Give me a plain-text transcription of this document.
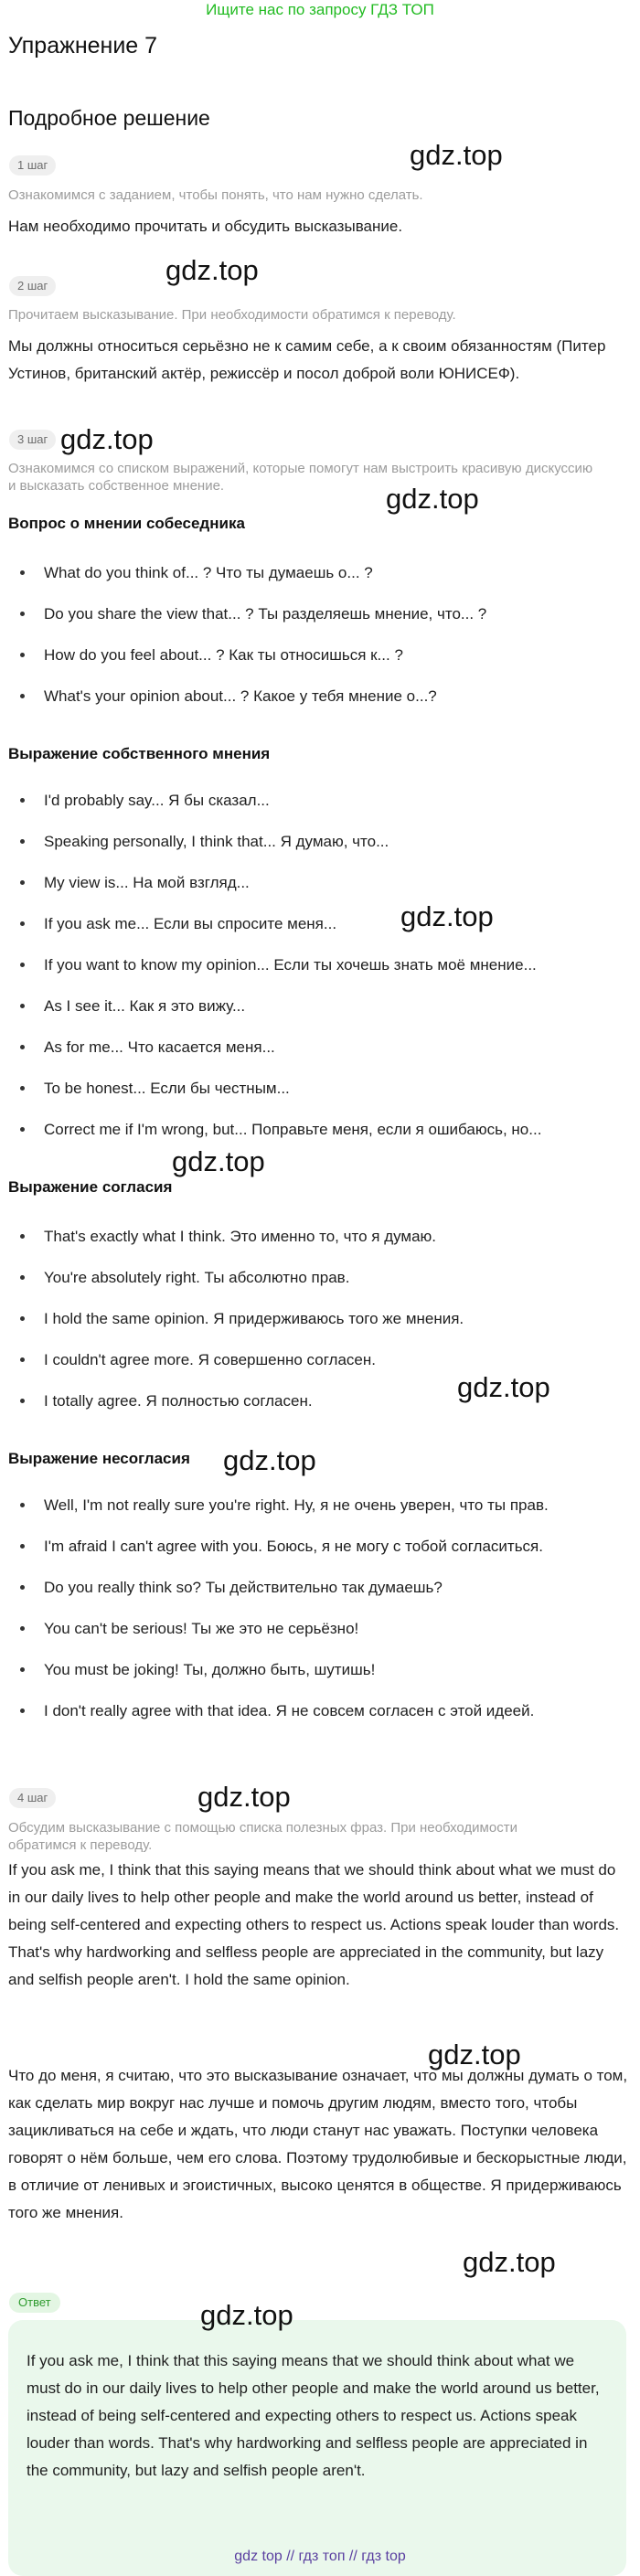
Ищите нас по запросу ГДЗ ТОП
Упражнение 7
Подробное решение
1 шаг
Ознакомимся с заданием, чтобы понять, что нам нужно сделать.
Нам необходимо прочитать и обсудить высказывание.
2 шаг
Прочитаем высказывание. При необходимости обратимся к переводу.
Мы должны относиться серьёзно не к самим себе, а к своим обязанностям (Питер Устинов, британский актёр, режиссёр и посол доброй воли ЮНИСЕФ).
3 шаг
Ознакомимся со списком выражений, которые помогут нам выстроить красивую дискуссию и высказать собственное мнение.
Вопрос о мнении собеседника
What do you think of... ? Что ты думаешь о... ?
Do you share the view that... ? Ты разделяешь мнение, что... ?
How do you feel about... ? Как ты относишься к... ?
What's your opinion about... ? Какое у тебя мнение о...?
Выражение собственного мнения
I'd probably say... Я бы сказал...
Speaking personally, I think that... Я думаю, что...
My view is... На мой взгляд...
If you ask me... Если вы спросите меня...
If you want to know my opinion... Если ты хочешь знать моё мнение...
As I see it... Как я это вижу...
As for me... Что касается меня...
To be honest... Если бы честным...
Correct me if I'm wrong, but... Поправьте меня, если я ошибаюсь, но...
Выражение согласия
That's exactly what I think. Это именно то, что я думаю.
You're absolutely right. Ты абсолютно прав.
I hold the same opinion. Я придерживаюсь того же мнения.
I couldn't agree more. Я совершенно согласен.
I totally agree. Я полностью согласен.
Выражение несогласия
Well, I'm not really sure you're right. Ну, я не очень уверен, что ты прав.
I'm afraid I can't agree with you. Боюсь, я не могу с тобой согласиться.
Do you really think so? Ты действительно так думаешь?
You can't be serious! Ты же это не серьёзно!
You must be joking! Ты, должно быть, шутишь!
I don't really agree with that idea. Я не совсем согласен с этой идеей.
4 шаг
Обсудим высказывание с помощью списка полезных фраз. При необходимости обратимся к переводу.
If you ask me, I think that this saying means that we should think about what we must do in our daily lives to help other people and make the world around us better, instead of being self-centered and expecting others to respect us. Actions speak louder than words. That's why hardworking and selfless people are appreciated in the community, but lazy and selfish people aren't. I hold the same opinion.
Что до меня, я считаю, что это высказывание означает, что мы должны думать о том, как сделать мир вокруг нас лучше и помочь другим людям, вместо того, чтобы зацикливаться на себе и ждать, что люди станут нас уважать. Поступки человека говорят о нём больше, чем его слова. Поэтому трудолюбивые и бескорыстные люди, в отличие от ленивых и эгоистичных, высоко ценятся в обществе. Я придерживаюсь того же мнения.
Ответ
If you ask me, I think that this saying means that we should think about what we must do in our daily lives to help other people and make the world around us better, instead of being self-centered and expecting others to respect us. Actions speak louder than words. That's why hardworking and selfless people are appreciated in the community, but lazy and selfish people aren't.
gdz.top
gdz.top
gdz.top
gdz.top
gdz.top
gdz.top
gdz.top
gdz.top
gdz.top
gdz.top
gdz.top
gdz.top
gdz top // гдз топ // гдз top
